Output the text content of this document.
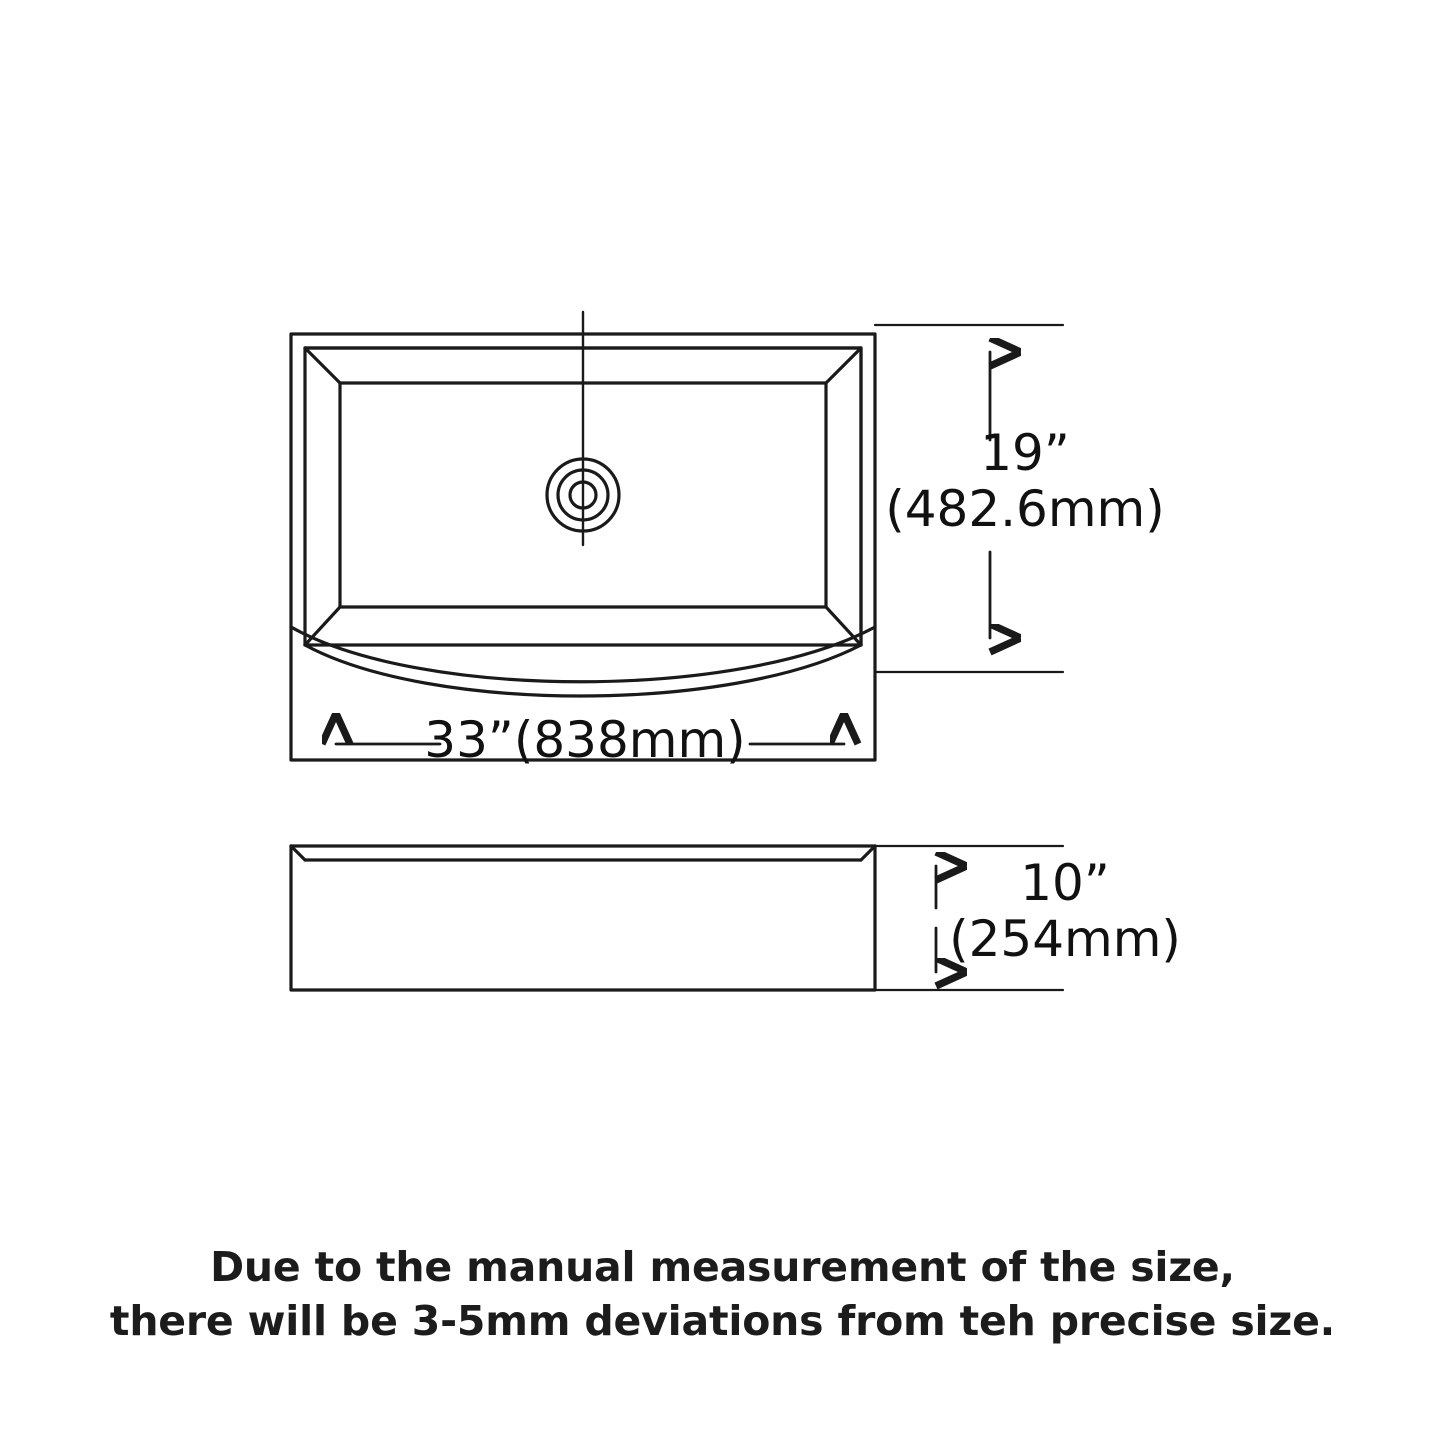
19”
(482.6mm)
33”(838mm)
10”
(254mm)
Due to the manual measurement of the size,
there will be 3-5mm deviations from teh precise size.
